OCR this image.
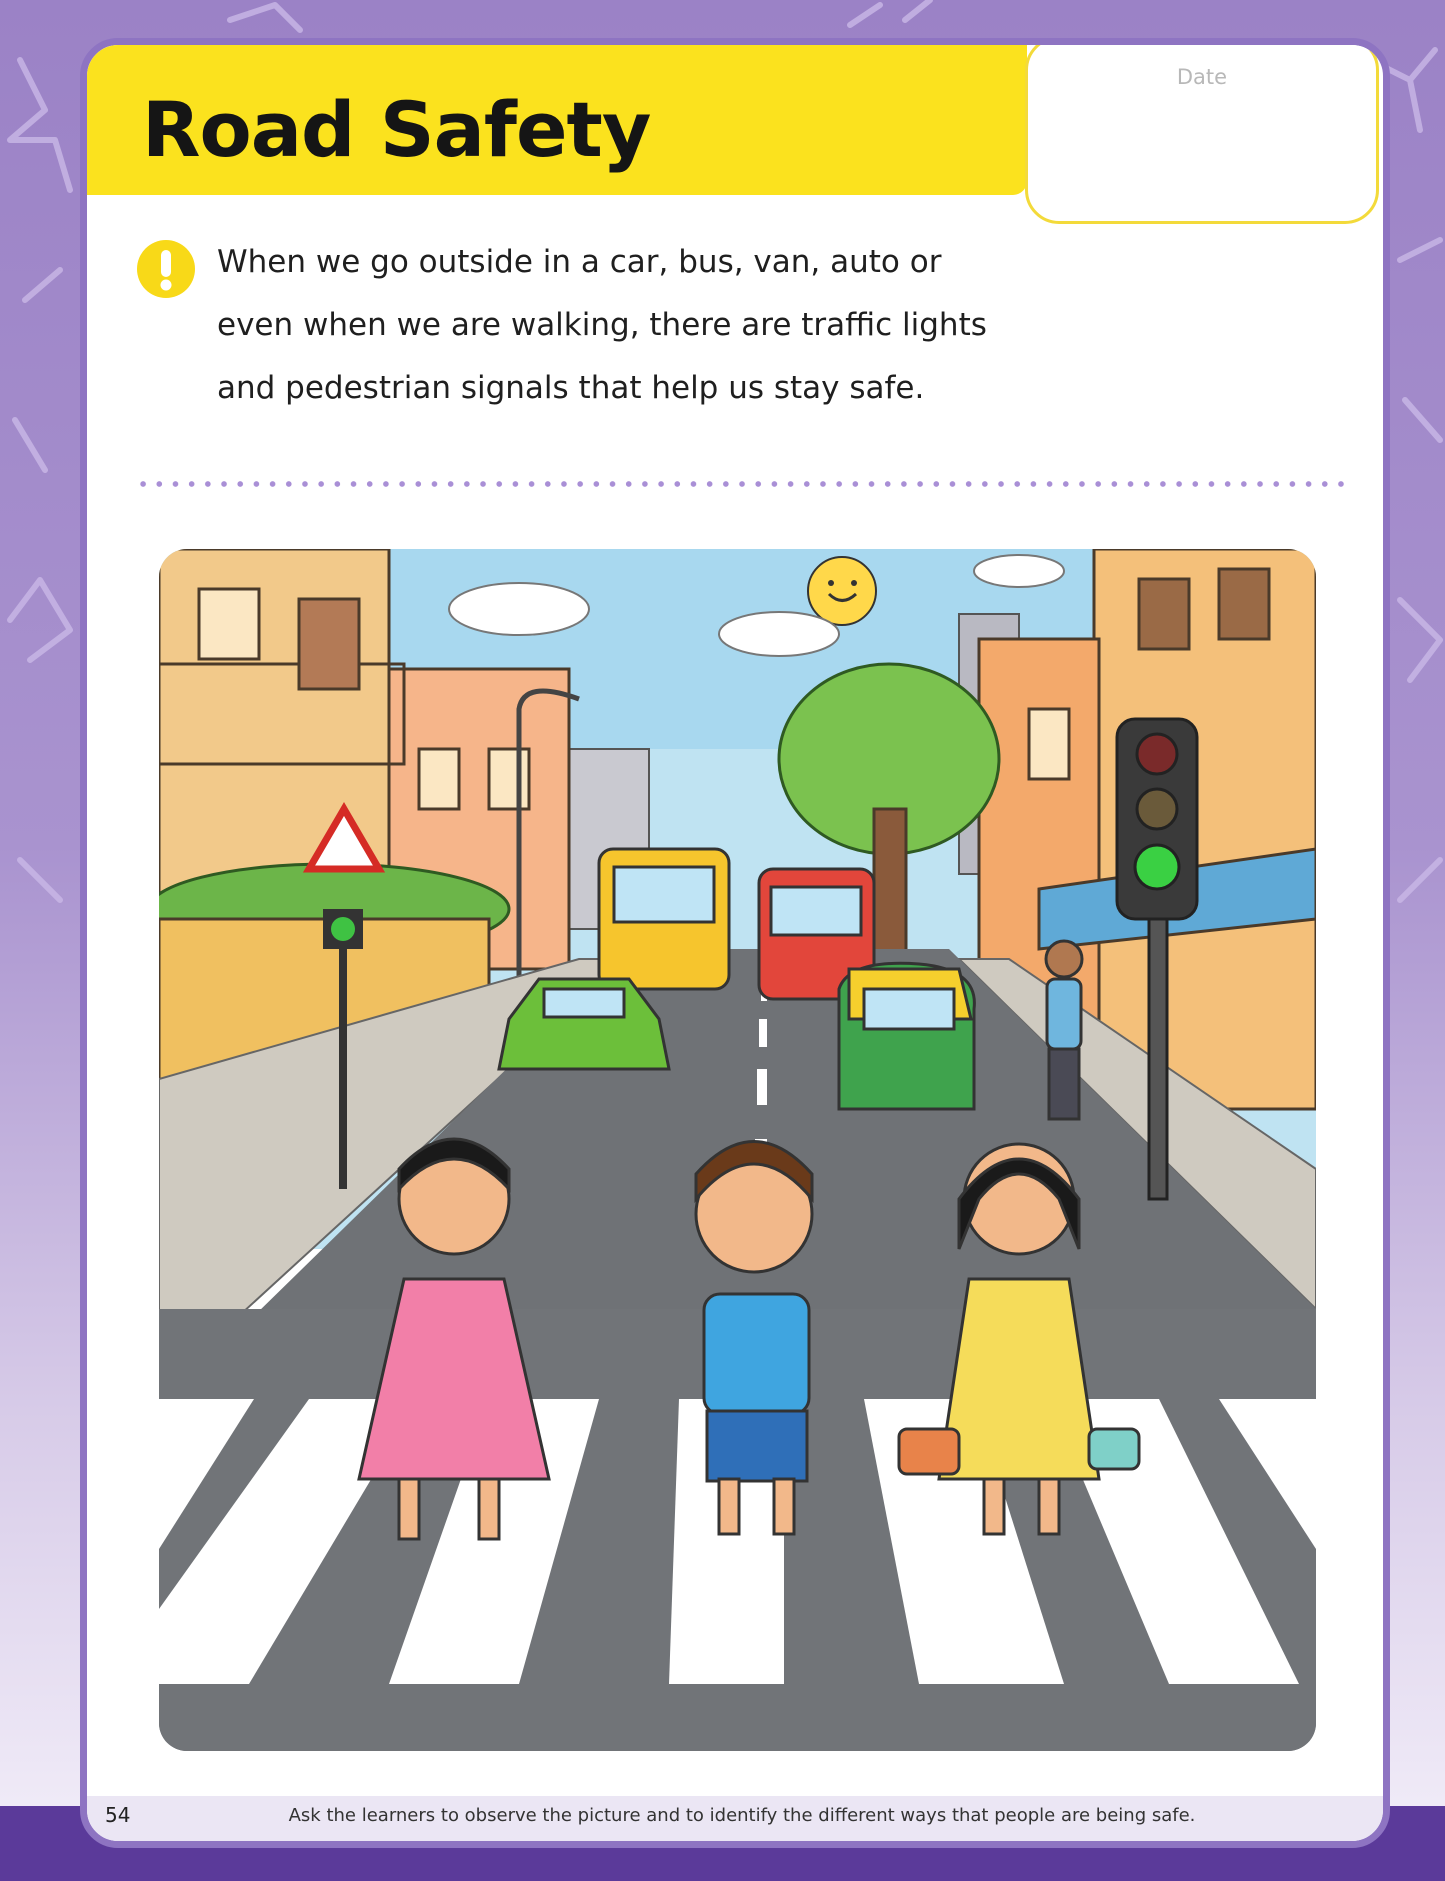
Road Safety
Date
When we go outside in a car, bus, van, auto or
even when we are walking, there are traffic lights
and pedestrian signals that help us stay safe.
54	Ask the learners to observe the picture and to identify the different ways that people are being safe.
